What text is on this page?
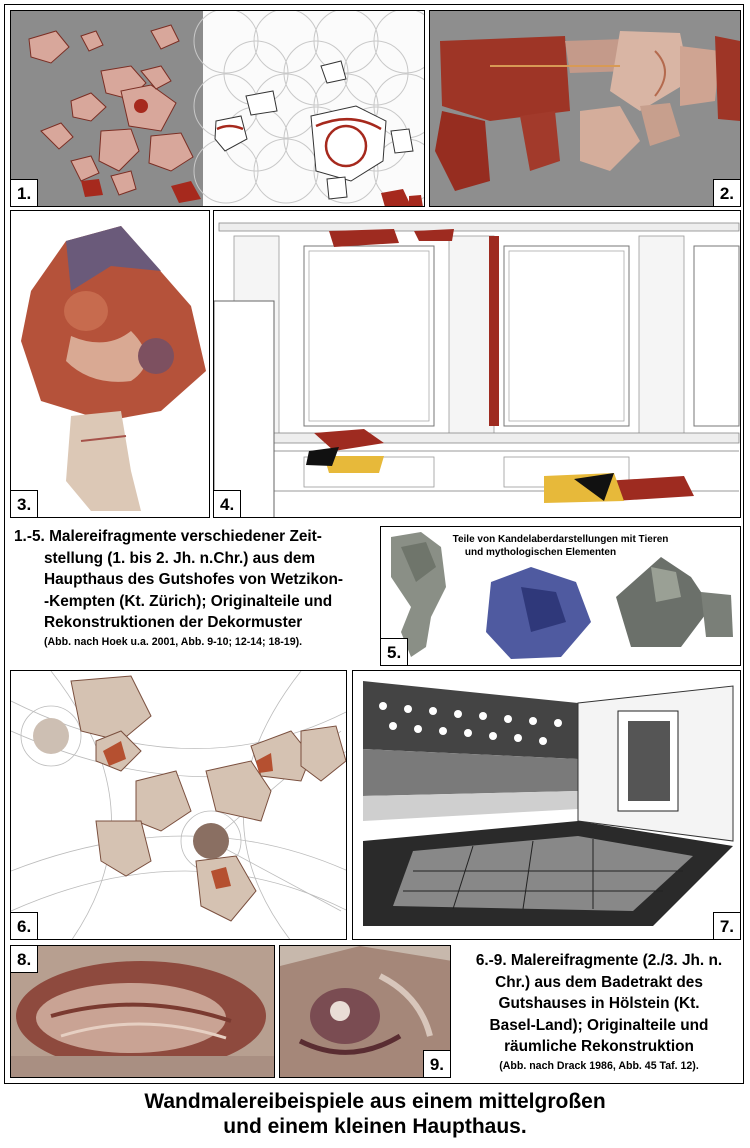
1.	2.
3.	4.
1.-5. Malereifragmente verschiedener Zeit-
stellung (1. bis 2. Jh. n.Chr.) aus dem
Haupthaus des Gutshofes von Wetzikon-
-Kempten (Kt. Zürich); Originalteile und
Rekonstruktionen der Dekormuster
(Abb. nach Hoek u.a. 2001, Abb. 9-10; 12-14; 18-19).
Teile von Kandelaberdarstellungen mit Tieren
und mythologischen Elementen
5.
6.	7.
8.
9.
6.-9. Malereifragmente (2./3. Jh. n.
Chr.) aus dem Badetrakt des
Gutshauses in Hölstein (Kt.
Basel-Land); Originalteile und
räumliche Rekonstruktion
(Abb. nach Drack 1986, Abb. 45 Taf. 12).
Wandmalereibeispiele aus einem mittelgroßen
und einem kleinen Haupthaus.
